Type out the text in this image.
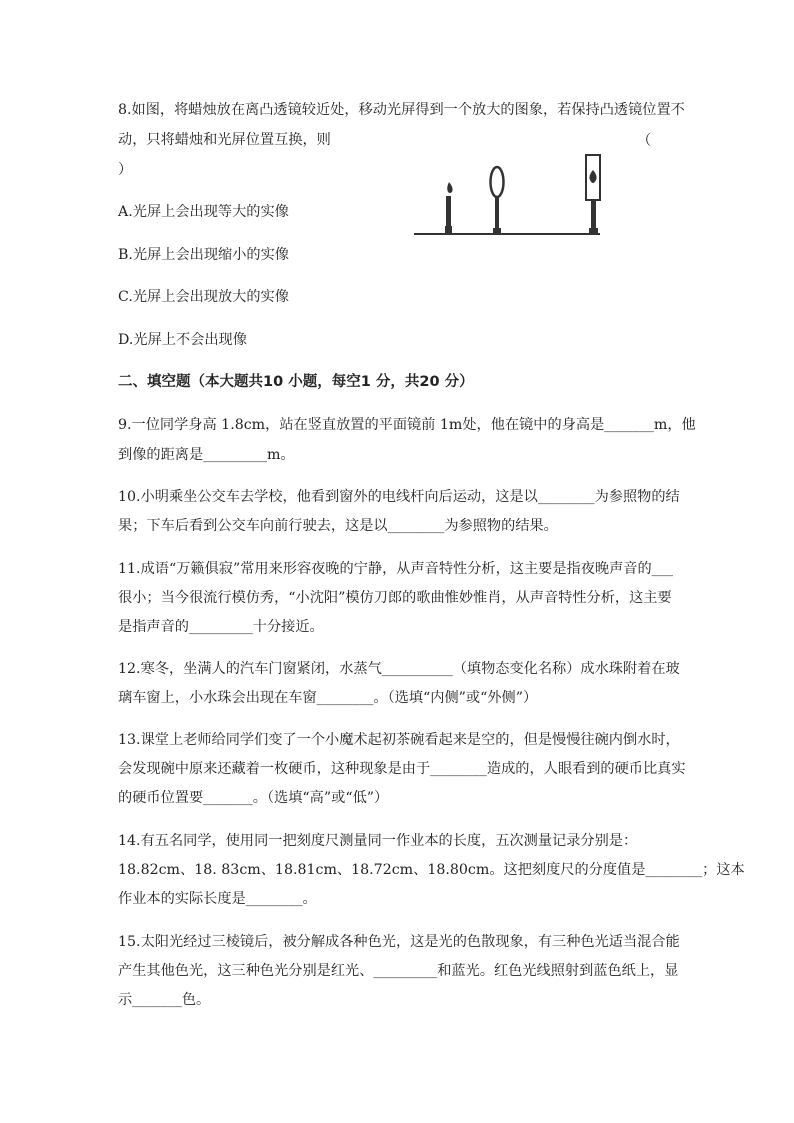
8.如图，将蜡烛放在离凸透镜较近处，移动光屏得到一个放大的图象，若保持凸透镜位置不
动，只将蜡烛和光屏位置互换，则	（
）
A.光屏上会出现等大的实像
B.光屏上会出现缩小的实像
C.光屏上会出现放大的实像
D.光屏上不会出现像
二、填空题（本大题共10 小题，每空1 分，共20 分）
9.一位同学身高 1.8cm，站在竖直放置的平面镜前 1m处，他在镜中的身高是_______m，他
到像的距离是_________m。
10.小明乘坐公交车去学校，他看到窗外的电线杆向后运动，这是以________为参照物的结
果；下车后看到公交车向前行驶去，这是以________为参照物的结果。
11.成语“万籁俱寂”常用来形容夜晚的宁静，从声音特性分析，这主要是指夜晚声音的___
很小；当今很流行模仿秀，“小沈阳”模仿刀郎的歌曲惟妙惟肖，从声音特性分析，这主要
是指声音的_________十分接近。
12.寒冬，坐满人的汽车门窗紧闭，水蒸气__________（填物态变化名称）成水珠附着在玻
璃车窗上，小水珠会出现在车窗________。（选填“内侧”或“外侧”）
13.课堂上老师给同学们变了一个小魔术起初茶碗看起来是空的，但是慢慢往碗内倒水时，
会发现碗中原来还藏着一枚硬币，这种现象是由于________造成的，人眼看到的硬币比真实
的硬币位置要_______。（选填“高”或“低”）
14.有五名同学，使用同一把刻度尺测量同一作业本的长度，五次测量记录分别是：
18.82cm、18. 83cm、18.81cm、18.72cm、18.80cm。这把刻度尺的分度值是________；这本
作业本的实际长度是________。
15.太阳光经过三棱镜后，被分解成各种色光，这是光的色散现象，有三种色光适当混合能
产生其他色光，这三种色光分别是红光、_________和蓝光。红色光线照射到蓝色纸上，显
示_______色。
